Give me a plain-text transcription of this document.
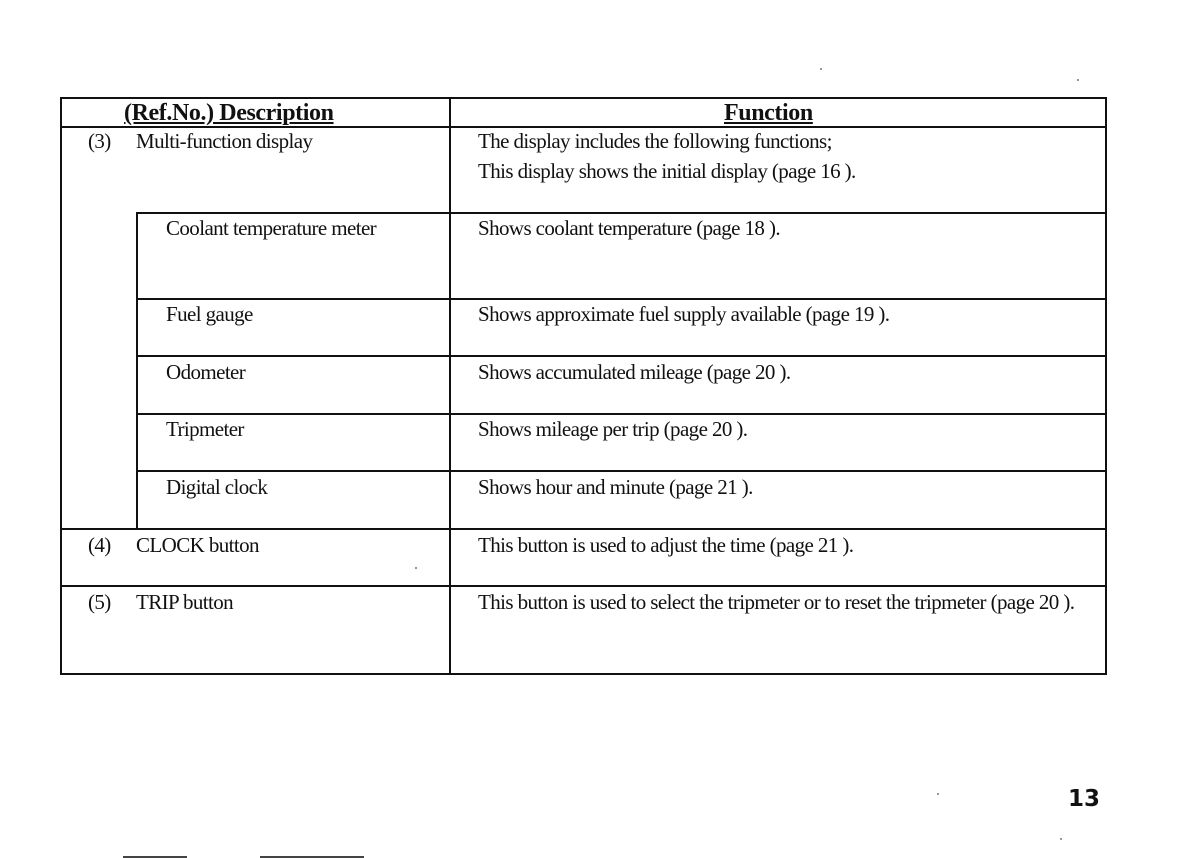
(Ref.No.) Description	Function
(3) Multi-function display	The display includes the following functions;
This display shows the initial display (page 16 ).
Coolant temperature meter	Shows coolant temperature (page 18 ).
Fuel gauge	Shows approximate fuel supply available (page 19 ).
Odometer	Shows accumulated mileage (page 20 ).
Tripmeter	Shows mileage per trip (page 20 ).
Digital clock	Shows hour and minute (page 21 ).
(4) CLOCK button	This button is used to adjust the time (page 21 ).
(5) TRIP button	This button is used to select the tripmeter or to reset the tripmeter (page 20 ).
13
